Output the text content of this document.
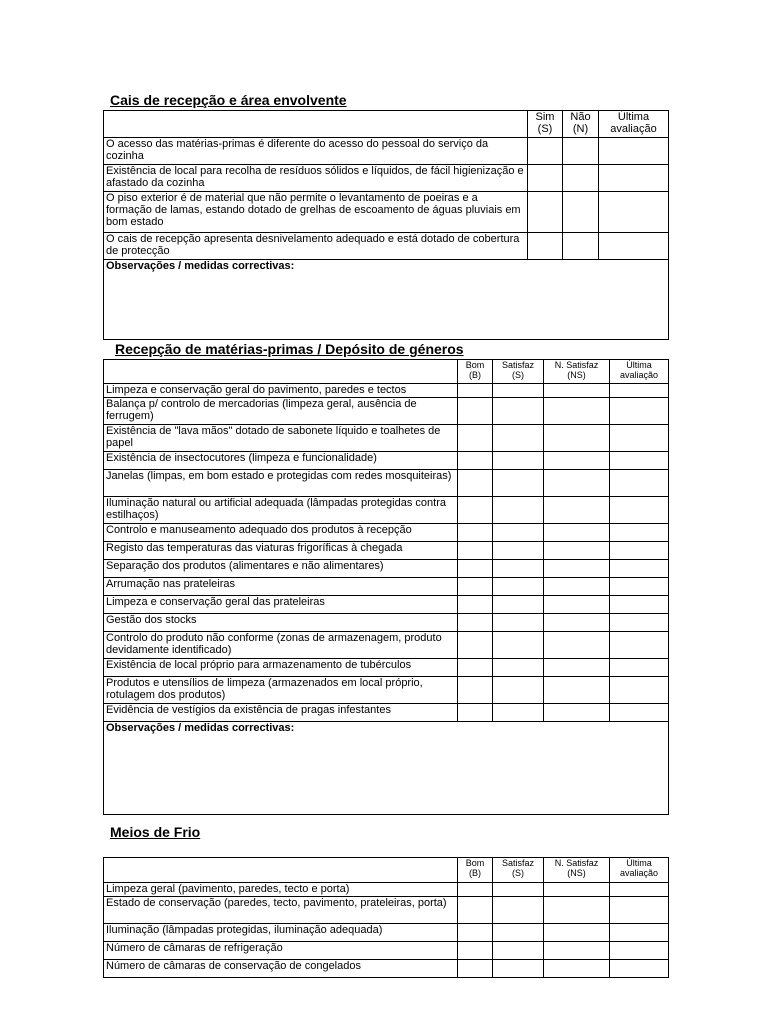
Cais de recepção e área envolvente
	Sim (S)	Não (N)	Última avaliação
O acesso das matérias-primas é diferente do acesso do pessoal do serviço da cozinha			
Existência de local para recolha de resíduos sólidos e líquidos, de fácil higienização e afastado da cozinha			
O piso exterior é de material que não permite o levantamento de poeiras e a formação de lamas, estando dotado de grelhas de escoamento de águas pluviais em bom estado			
O cais de recepção apresenta desnivelamento adequado e está dotado de cobertura de protecção			
Observações / medidas correctivas:			
Recepção de matérias-primas / Depósito de géneros
	Bom (B)	Satisfaz (S)	N. Satisfaz (NS)	Última avaliação
Limpeza e conservação geral do pavimento, paredes e tectos				
Balança p/ controlo de mercadorias (limpeza geral, ausência de ferrugem)				
Existência de "lava mãos" dotado de sabonete líquido e toalhetes de papel				
Existência de insectocutores (limpeza e funcionalidade)				
Janelas (limpas, em bom estado e protegidas com redes mosquiteiras)				
Iluminação natural ou artificial adequada (lâmpadas protegidas contra estilhaços)				
Controlo e manuseamento adequado dos produtos à recepção				
Registo das temperaturas das viaturas frigoríficas à chegada				
Separação dos produtos (alimentares e não alimentares)				
Arrumação nas prateleiras				
Limpeza e conservação geral das prateleiras				
Gestão dos stocks				
Controlo do produto não conforme (zonas de armazenagem, produto devidamente identificado)				
Existência de local próprio para armazenamento de tubérculos				
Produtos e utensílios de limpeza (armazenados em local próprio, rotulagem dos produtos)				
Evidência de vestígios da existência de pragas infestantes				
Observações / medidas correctivas:				
Meios de Frio
	Bom (B)	Satisfaz (S)	N. Satisfaz (NS)	Última avaliação
Limpeza geral (pavimento, paredes, tecto e porta)				
Estado de conservação (paredes, tecto, pavimento, prateleiras, porta)				
Iluminação (lâmpadas protegidas, iluminação adequada)				
Número de câmaras de refrigeração				
Número de câmaras de conservação de congelados				
